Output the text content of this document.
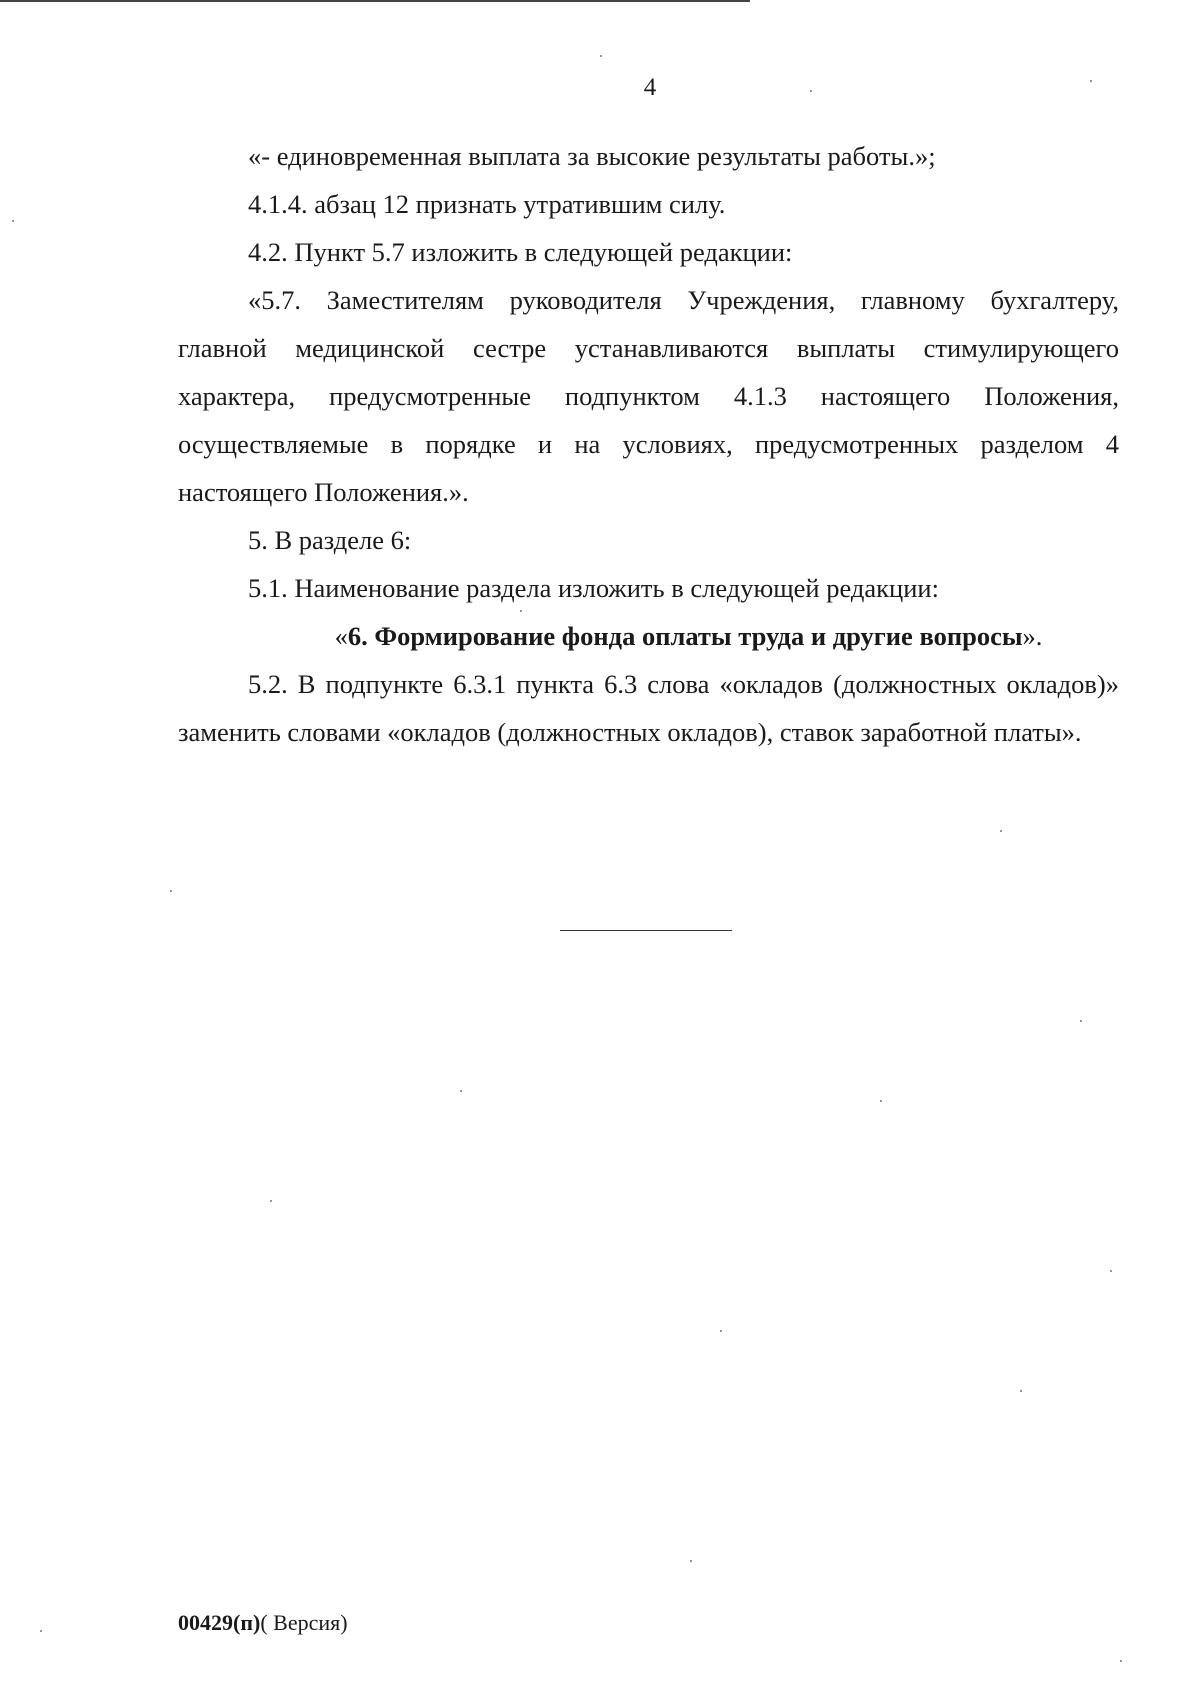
4

«- единовременная выплата за высокие результаты работы.»;

4.1.4. абзац 12 признать утратившим силу.

4.2. Пункт 5.7 изложить в следующей редакции:

«5.7. Заместителям руководителя Учреждения, главному бухгалтеру, главной медицинской сестре устанавливаются выплаты стимулирующего характера, предусмотренные подпунктом 4.1.3 настоящего Положения, осуществляемые в порядке и на условиях, предусмотренных разделом 4 настоящего Положения.».

5. В разделе 6:

5.1. Наименование раздела изложить в следующей редакции:

«6. Формирование фонда оплаты труда и другие вопросы».

5.2. В подпункте 6.3.1 пункта 6.3 слова «окладов (должностных окладов)» заменить словами «окладов (должностных окладов), ставок заработной платы».

00429(п)( Версия)
